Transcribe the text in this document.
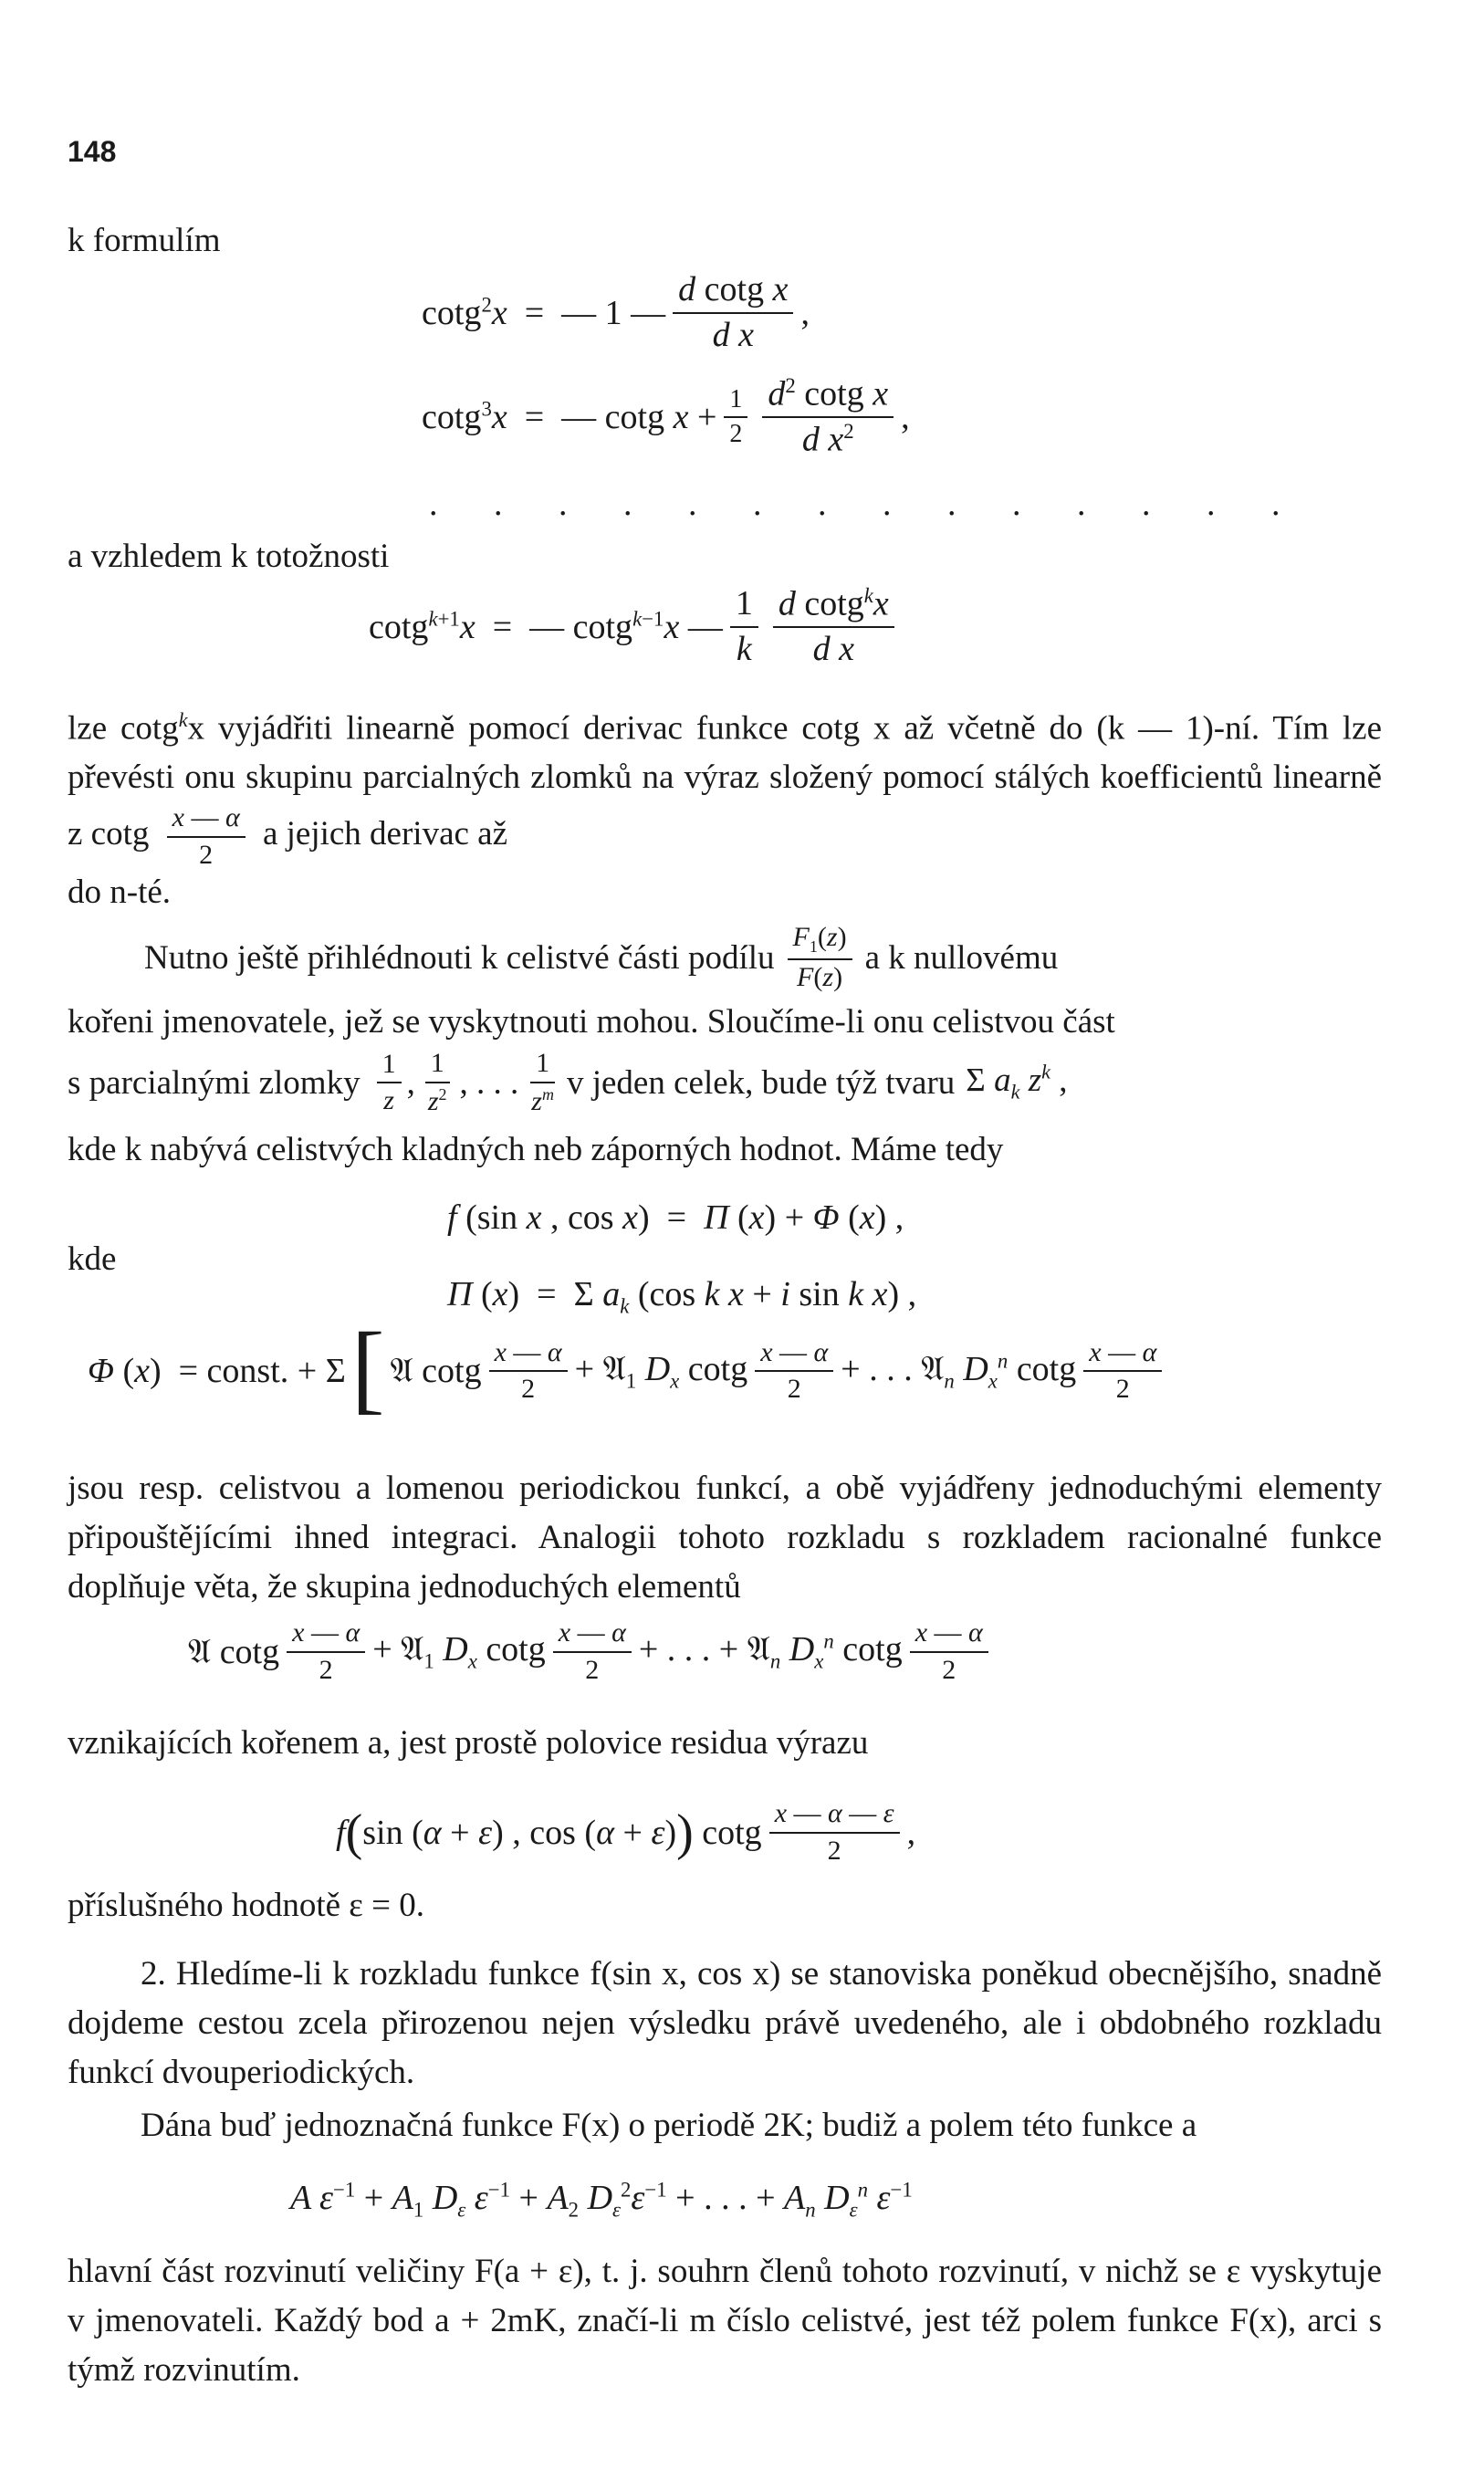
148
k formulím
cotg$^2$x  =  — 1 — $\frac{\text{d cotg x}}{\text{d x}}$ ,
cotg$^3$x  =  — cotg $x + \frac{1}{2} \frac{d^2 \cot g x}{d x^2}$ ,
. . . . . . . . . . . . . .
a vzhledem k totožnosti
cotg$^{k+1}$x  =  — cotg$^{k-1}$x — $\frac{1}{k} \frac{d \cot g^kx}{\text{d x}}$
lze cotg$^k$x vyjádřiti linearně pomocí derivac funkce cotg x až včetně do (k — 1)-ní. Tím lze převésti onu skupinu parcialných zlomků na výraz složený pomocí stálých koefficientů linearně z cotg $\frac{x — \alpha}{2}$ a jejich derivac až
do n-té.
Nutno ještě přihlédnouti k celistvé části podílu $\frac{F_1(z)}{F(z)}$ a k nullovému
kořeni jmenovatele, jež se vyskytnouti mohou. Sloučíme-li onu celistvou část
s parcialnými zlomky $\frac{1}{z}$ , $\frac{1}{z^2}$ , . . . $\frac{1}{z^m}$ v jeden celek, bude týž tvaru Σ $a_k$ $z^k$ ,
kde k nabývá celistvých kladných neb záporných hodnot. Máme tedy
f (sin x , cos x)  =  Π (x) + Φ (x) ,
kde
Π (x)  =  Σ $a_k$ (cos k x + i sin k x) ,
Φ (x)  = const. + Σ [ 𝔄 cotg $\frac{x — \alpha}{2}$ + 𝔄$_1$ $D_x$ cotg $\frac{x — \alpha}{2}$ + . . . 𝔄$_n$ $D_x^n$ cotg $\frac{x — \alpha}{2}$
jsou resp. celistvou a lomenou periodickou funkcí, a obě vyjádřeny jednoduchými elementy připouštějícími ihned integraci. Analogii tohoto rozkladu s rozkladem racionalné funkce doplňuje věta, že skupina jednoduchých elementů
𝔄 cotg $\frac{x — \alpha}{2}$ + 𝔄$_1$ $D_x$ cotg $\frac{x — \alpha}{2}$ + . . . + 𝔄$_n$ $D_x^n$ cotg $\frac{x — \alpha}{2}$
vznikajících kořenem a, jest prostě polovice residua výrazu
f ( sin (α + ε) , cos (α + ε) ) cotg $\frac{x — \alpha — \varepsilon}{2}$ ,
příslušného hodnotě ε = 0.
2. Hledíme-li k rozkladu funkce f(sin x, cos x) se stanoviska poněkud obecnějšího, snadně dojdeme cestou zcela přirozenou nejen výsledku právě uvedeného, ale i obdobného rozkladu funkcí dvouperiodických.
Dána buď jednoznačná funkce F(x) o periodě 2K; budiž a polem této funkce a
A $\varepsilon^{-1} + A_1$ $D_\varepsilon$ $\varepsilon^{-1} + A_2$ $D_\varepsilon^2\varepsilon^{-1}$ + . . . + $A_n$ $D_\varepsilon^n$ $\varepsilon^{-1}$
hlavní část rozvinutí veličiny F(a + ε), t. j. souhrn členů tohoto rozvinutí, v nichž se ε vyskytuje v jmenovateli. Každý bod a + 2mK, značí-li m číslo celistvé, jest též polem funkce F(x), arci s týmž rozvinutím.
